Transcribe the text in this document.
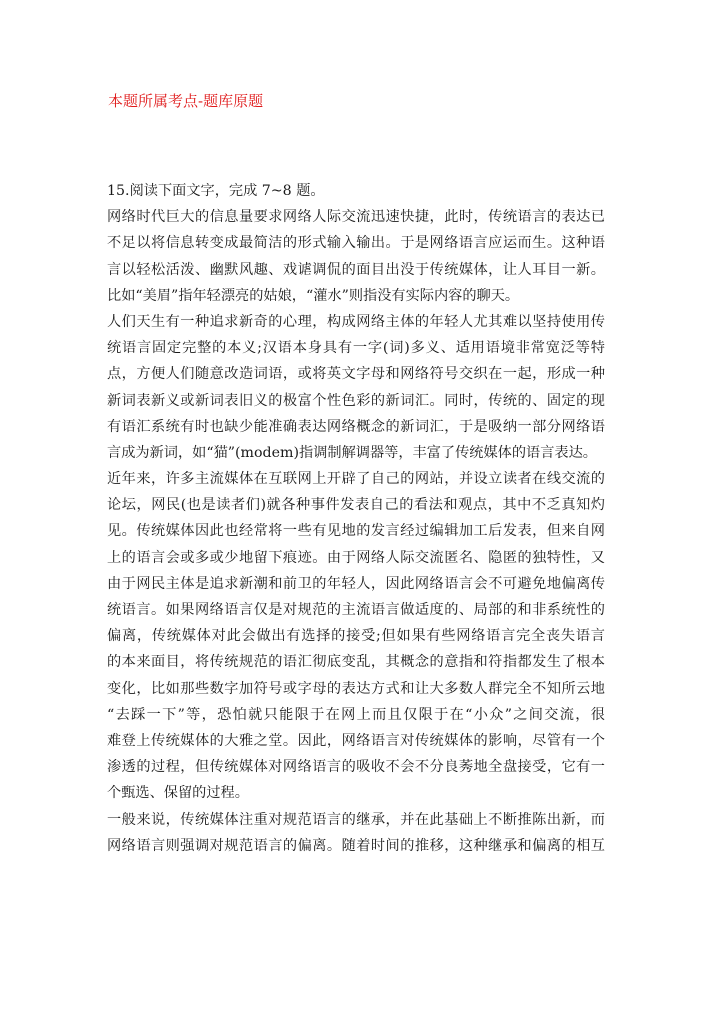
本题所属考点-题库原题
15.阅读下面文字，完成 7~8 题。
网络时代巨大的信息量要求网络人际交流迅速快捷，此时，传统语言的表达已
不足以将信息转变成最简洁的形式输入输出。于是网络语言应运而生。这种语
言以轻松活泼、幽默风趣、戏谑调侃的面目出没于传统媒体，让人耳目一新。
比如“美眉”指年轻漂亮的姑娘，“灌水”则指没有实际内容的聊天。
人们天生有一种追求新奇的心理，构成网络主体的年轻人尤其难以坚持使用传
统语言固定完整的本义;汉语本身具有一字(词)多义、适用语境非常宽泛等特
点，方便人们随意改造词语，或将英文字母和网络符号交织在一起，形成一种
新词表新义或新词表旧义的极富个性色彩的新词汇。同时，传统的、固定的现
有语汇系统有时也缺少能准确表达网络概念的新词汇，于是吸纳一部分网络语
言成为新词，如“猫”(modem)指调制解调器等，丰富了传统媒体的语言表达。
近年来，许多主流媒体在互联网上开辟了自己的网站，并设立读者在线交流的
论坛，网民(也是读者们)就各种事件发表自己的看法和观点，其中不乏真知灼
见。传统媒体因此也经常将一些有见地的发言经过编辑加工后发表，但来自网
上的语言会或多或少地留下痕迹。由于网络人际交流匿名、隐匿的独特性，又
由于网民主体是追求新潮和前卫的年轻人，因此网络语言会不可避免地偏离传
统语言。如果网络语言仅是对规范的主流语言做适度的、局部的和非系统性的
偏离，传统媒体对此会做出有选择的接受;但如果有些网络语言完全丧失语言
的本来面目，将传统规范的语汇彻底变乱，其概念的意指和符指都发生了根本
变化，比如那些数字加符号或字母的表达方式和让大多数人群完全不知所云地
“去踩一下”等，恐怕就只能限于在网上而且仅限于在“小众”之间交流，很
难登上传统媒体的大雅之堂。因此，网络语言对传统媒体的影响，尽管有一个
渗透的过程，但传统媒体对网络语言的吸收不会不分良莠地全盘接受，它有一
个甄选、保留的过程。
一般来说，传统媒体注重对规范语言的继承，并在此基础上不断推陈出新，而
网络语言则强调对规范语言的偏离。随着时间的推移，这种继承和偏离的相互
